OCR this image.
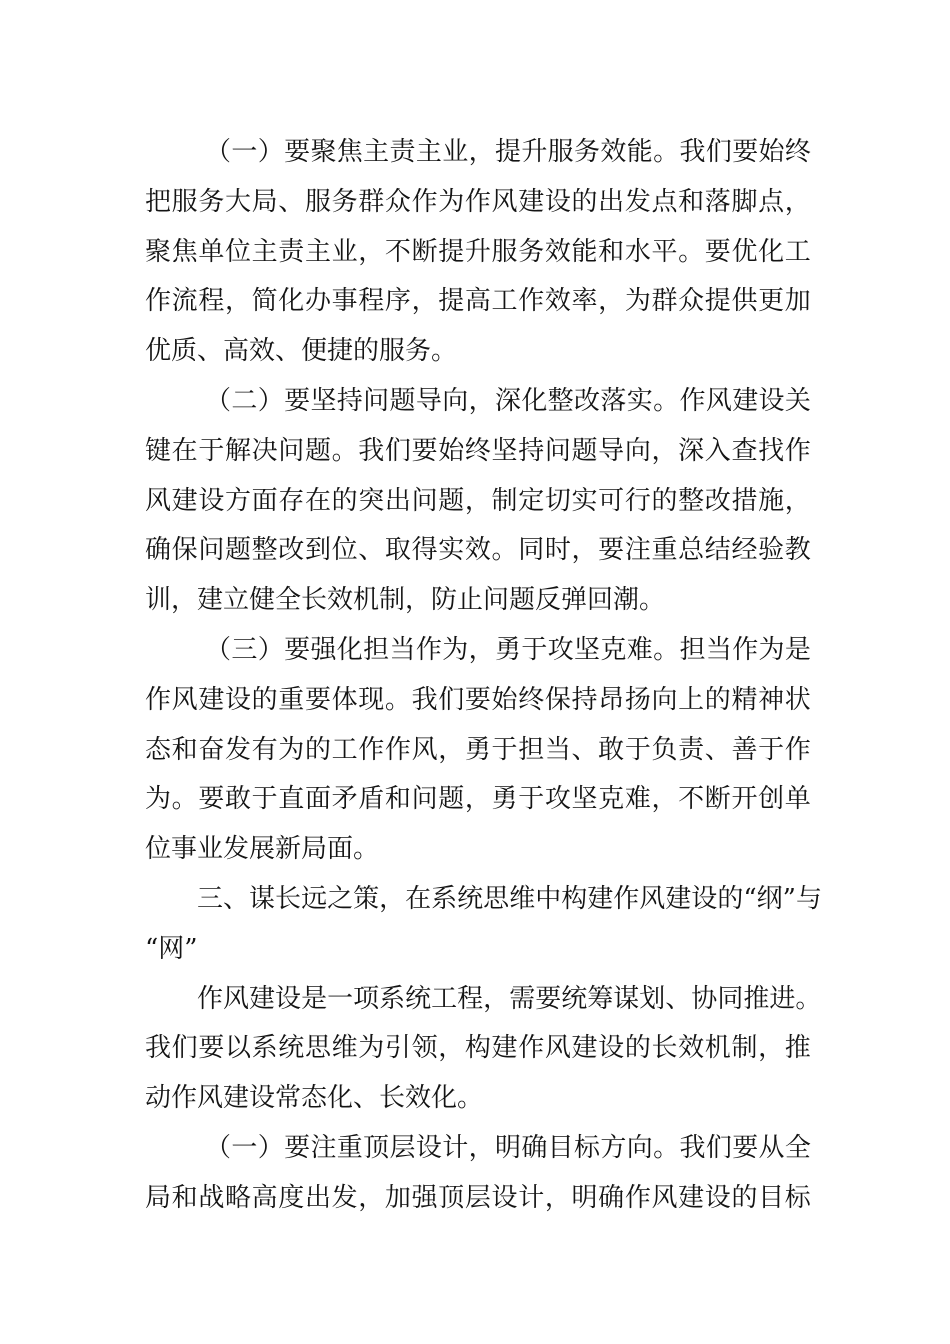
（ 一 ） 要 聚 焦 主 责 主 业 ， 提 升 服 务 效 能 。 我 们 要 始 终
把 服 务 大 局 、 服 务 群 众 作 为 作 风 建 设 的 出 发 点 和 落 脚 点 ，
聚 焦 单 位 主 责 主 业 ， 不 断 提 升 服 务 效 能 和 水 平 。 要 优 化 工
作 流 程 ， 简 化 办 事 程 序 ， 提 高 工 作 效 率 ， 为 群 众 提 供 更 加
优质、高效、便捷的服务。
（ 二 ） 要 坚 持 问 题 导 向 ， 深 化 整 改 落 实 。 作 风 建 设 关
键 在 于 解 决 问 题 。 我 们 要 始 终 坚 持 问 题 导 向 ， 深 入 查 找 作
风 建 设 方 面 存 在 的 突 出 问 题 ， 制 定 切 实 可 行 的 整 改 措 施 ，
确 保 问 题 整 改 到 位 、 取 得 实 效 。 同 时 ， 要 注 重 总 结 经 验 教
训，建立健全长效机制，防止问题反弹回潮。
（ 三 ） 要 强 化 担 当 作 为 ， 勇 于 攻 坚 克 难 。 担 当 作 为 是
作 风 建 设 的 重 要 体 现 。 我 们 要 始 终 保 持 昂 扬 向 上 的 精 神 状
态 和 奋 发 有 为 的 工 作 作 风 ， 勇 于 担 当 、 敢 于 负 责 、 善 于 作
为 。 要 敢 于 直 面 矛 盾 和 问 题 ， 勇 于 攻 坚 克 难 ， 不 断 开 创 单
位事业发展新局面。
三 、 谋 长 远 之 策 ， 在 系 统 思 维 中 构 建 作 风 建 设 的 “ 纲 ” 与
“网”
作 风 建 设 是 一 项 系 统 工 程 ， 需 要 统 筹 谋 划 、 协 同 推 进 。
我 们 要 以 系 统 思 维 为 引 领 ， 构 建 作 风 建 设 的 长 效 机 制 ， 推
动作风建设常态化、长效化。
（ 一 ） 要 注 重 顶 层 设 计 ， 明 确 目 标 方 向 。 我 们 要 从 全
局 和 战 略 高 度 出 发 ， 加 强 顶 层 设 计 ， 明 确 作 风 建 设 的 目 标
